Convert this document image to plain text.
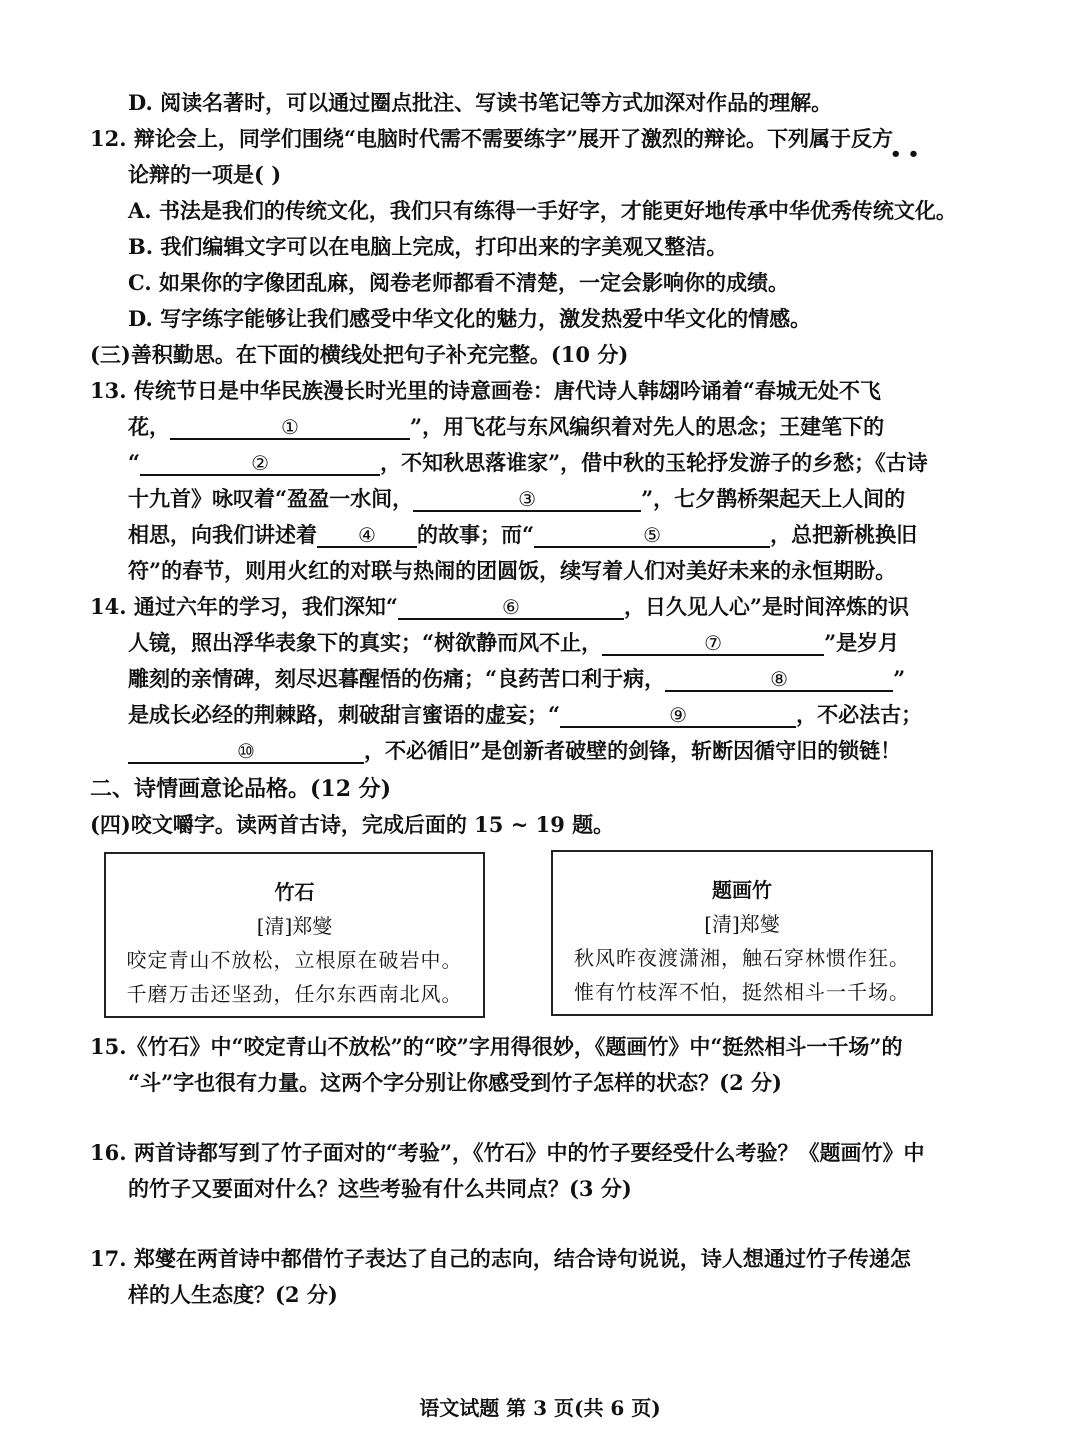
D. 阅读名著时，可以通过圈点批注、写读书笔记等方式加深对作品的理解。
12. 辩论会上，同学们围绕“电脑时代需不需要练字”展开了激烈的辩论。下列属于反方
• •
论辩的一项是( )
A. 书法是我们的传统文化，我们只有练得一手好字，才能更好地传承中华优秀传统文化。
B. 我们编辑文字可以在电脑上完成，打印出来的字美观又整洁。
C. 如果你的字像团乱麻，阅卷老师都看不清楚，一定会影响你的成绩。
D. 写字练字能够让我们感受中华文化的魅力，激发热爱中华文化的情感。
(三)善积勤思。在下面的横线处把句子补充完整。(10 分)
13. 传统节日是中华民族漫长时光里的诗意画卷：唐代诗人韩翃吟诵着“春城无处不飞
花，	①	”，用飞花与东风编织着对先人的思念；王建笔下的
“	②	，不知秋思落谁家”，借中秋的玉轮抒发游子的乡愁；《古诗
十九首》咏叹着“盈盈一水间，	③	”，七夕鹊桥架起天上人间的
相思，向我们讲述着 ④ 的故事；而“	⑤	，总把新桃换旧
符”的春节，则用火红的对联与热闹的团圆饭，续写着人们对美好未来的永恒期盼。
14. 通过六年的学习，我们深知“	⑥	，日久见人心”是时间淬炼的识
人镜，照出浮华表象下的真实；“树欲静而风不止，	⑦	”是岁月
雕刻的亲情碑，刻尽迟暮醒悟的伤痛；“良药苦口利于病，	⑧	”
是成长必经的荆棘路，刺破甜言蜜语的虚妄；“	⑨	，不必法古；
⑩	，不必循旧”是创新者破壁的剑锋，斩断因循守旧的锁链！
二、诗情画意论品格。(12 分)
(四)咬文嚼字。读两首古诗，完成后面的 15 ~ 19 题。
竹石
[清]郑燮
咬定青山不放松，立根原在破岩中。
千磨万击还坚劲，任尔东西南北风。
题画竹
[清]郑燮
秋风昨夜渡潇湘，触石穿林惯作狂。
惟有竹枝浑不怕，挺然相斗一千场。
15.《竹石》中“咬定青山不放松”的“咬”字用得很妙，《题画竹》中“挺然相斗一千场”的
“斗”字也很有力量。这两个字分别让你感受到竹子怎样的状态？(2 分)
16. 两首诗都写到了竹子面对的“考验”，《竹石》中的竹子要经受什么考验？《题画竹》中
的竹子又要面对什么？这些考验有什么共同点？(3 分)
17. 郑燮在两首诗中都借竹子表达了自己的志向，结合诗句说说，诗人想通过竹子传递怎
样的人生态度？(2 分)
语文试题 第 3 页(共 6 页)
